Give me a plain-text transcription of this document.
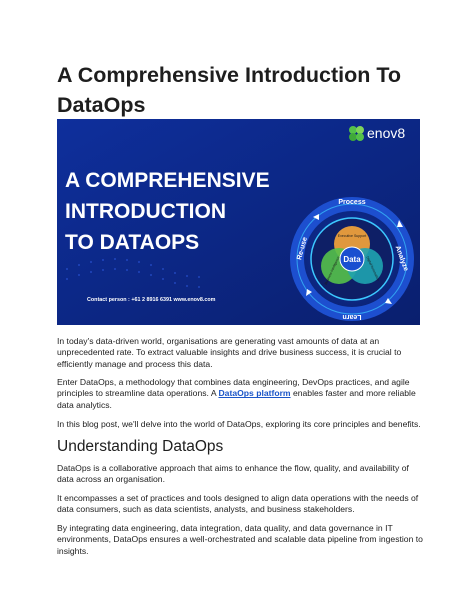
A Comprehensive Introduction To
DataOps
enov8
A COMPREHENSIVE
INTRODUCTION
TO DATAOPS
Contact person : +61 2 8916 6391 www.enov8.com
Process
Analyze
Learn
Re-use	Data
Executive Support
Business Intelligence	Digital Automation

In today's data-driven world, organisations are generating vast amounts of data at an unprecedented rate. To extract valuable insights and drive business success, it is crucial to efficiently manage and process this data.

Enter DataOps, a methodology that combines data engineering, DevOps practices, and agile principles to streamline data operations. A DataOps platform enables faster and more reliable data analytics.

In this blog post, we'll delve into the world of DataOps, exploring its core principles and benefits.

Understanding DataOps

DataOps is a collaborative approach that aims to enhance the flow, quality, and availability of data across an organisation.

It encompasses a set of practices and tools designed to align data operations with the needs of data consumers, such as data scientists, analysts, and business stakeholders.

By integrating data engineering, data integration, data quality, and data governance in IT environments, DataOps ensures a well-orchestrated and scalable data pipeline from ingestion to insights.
